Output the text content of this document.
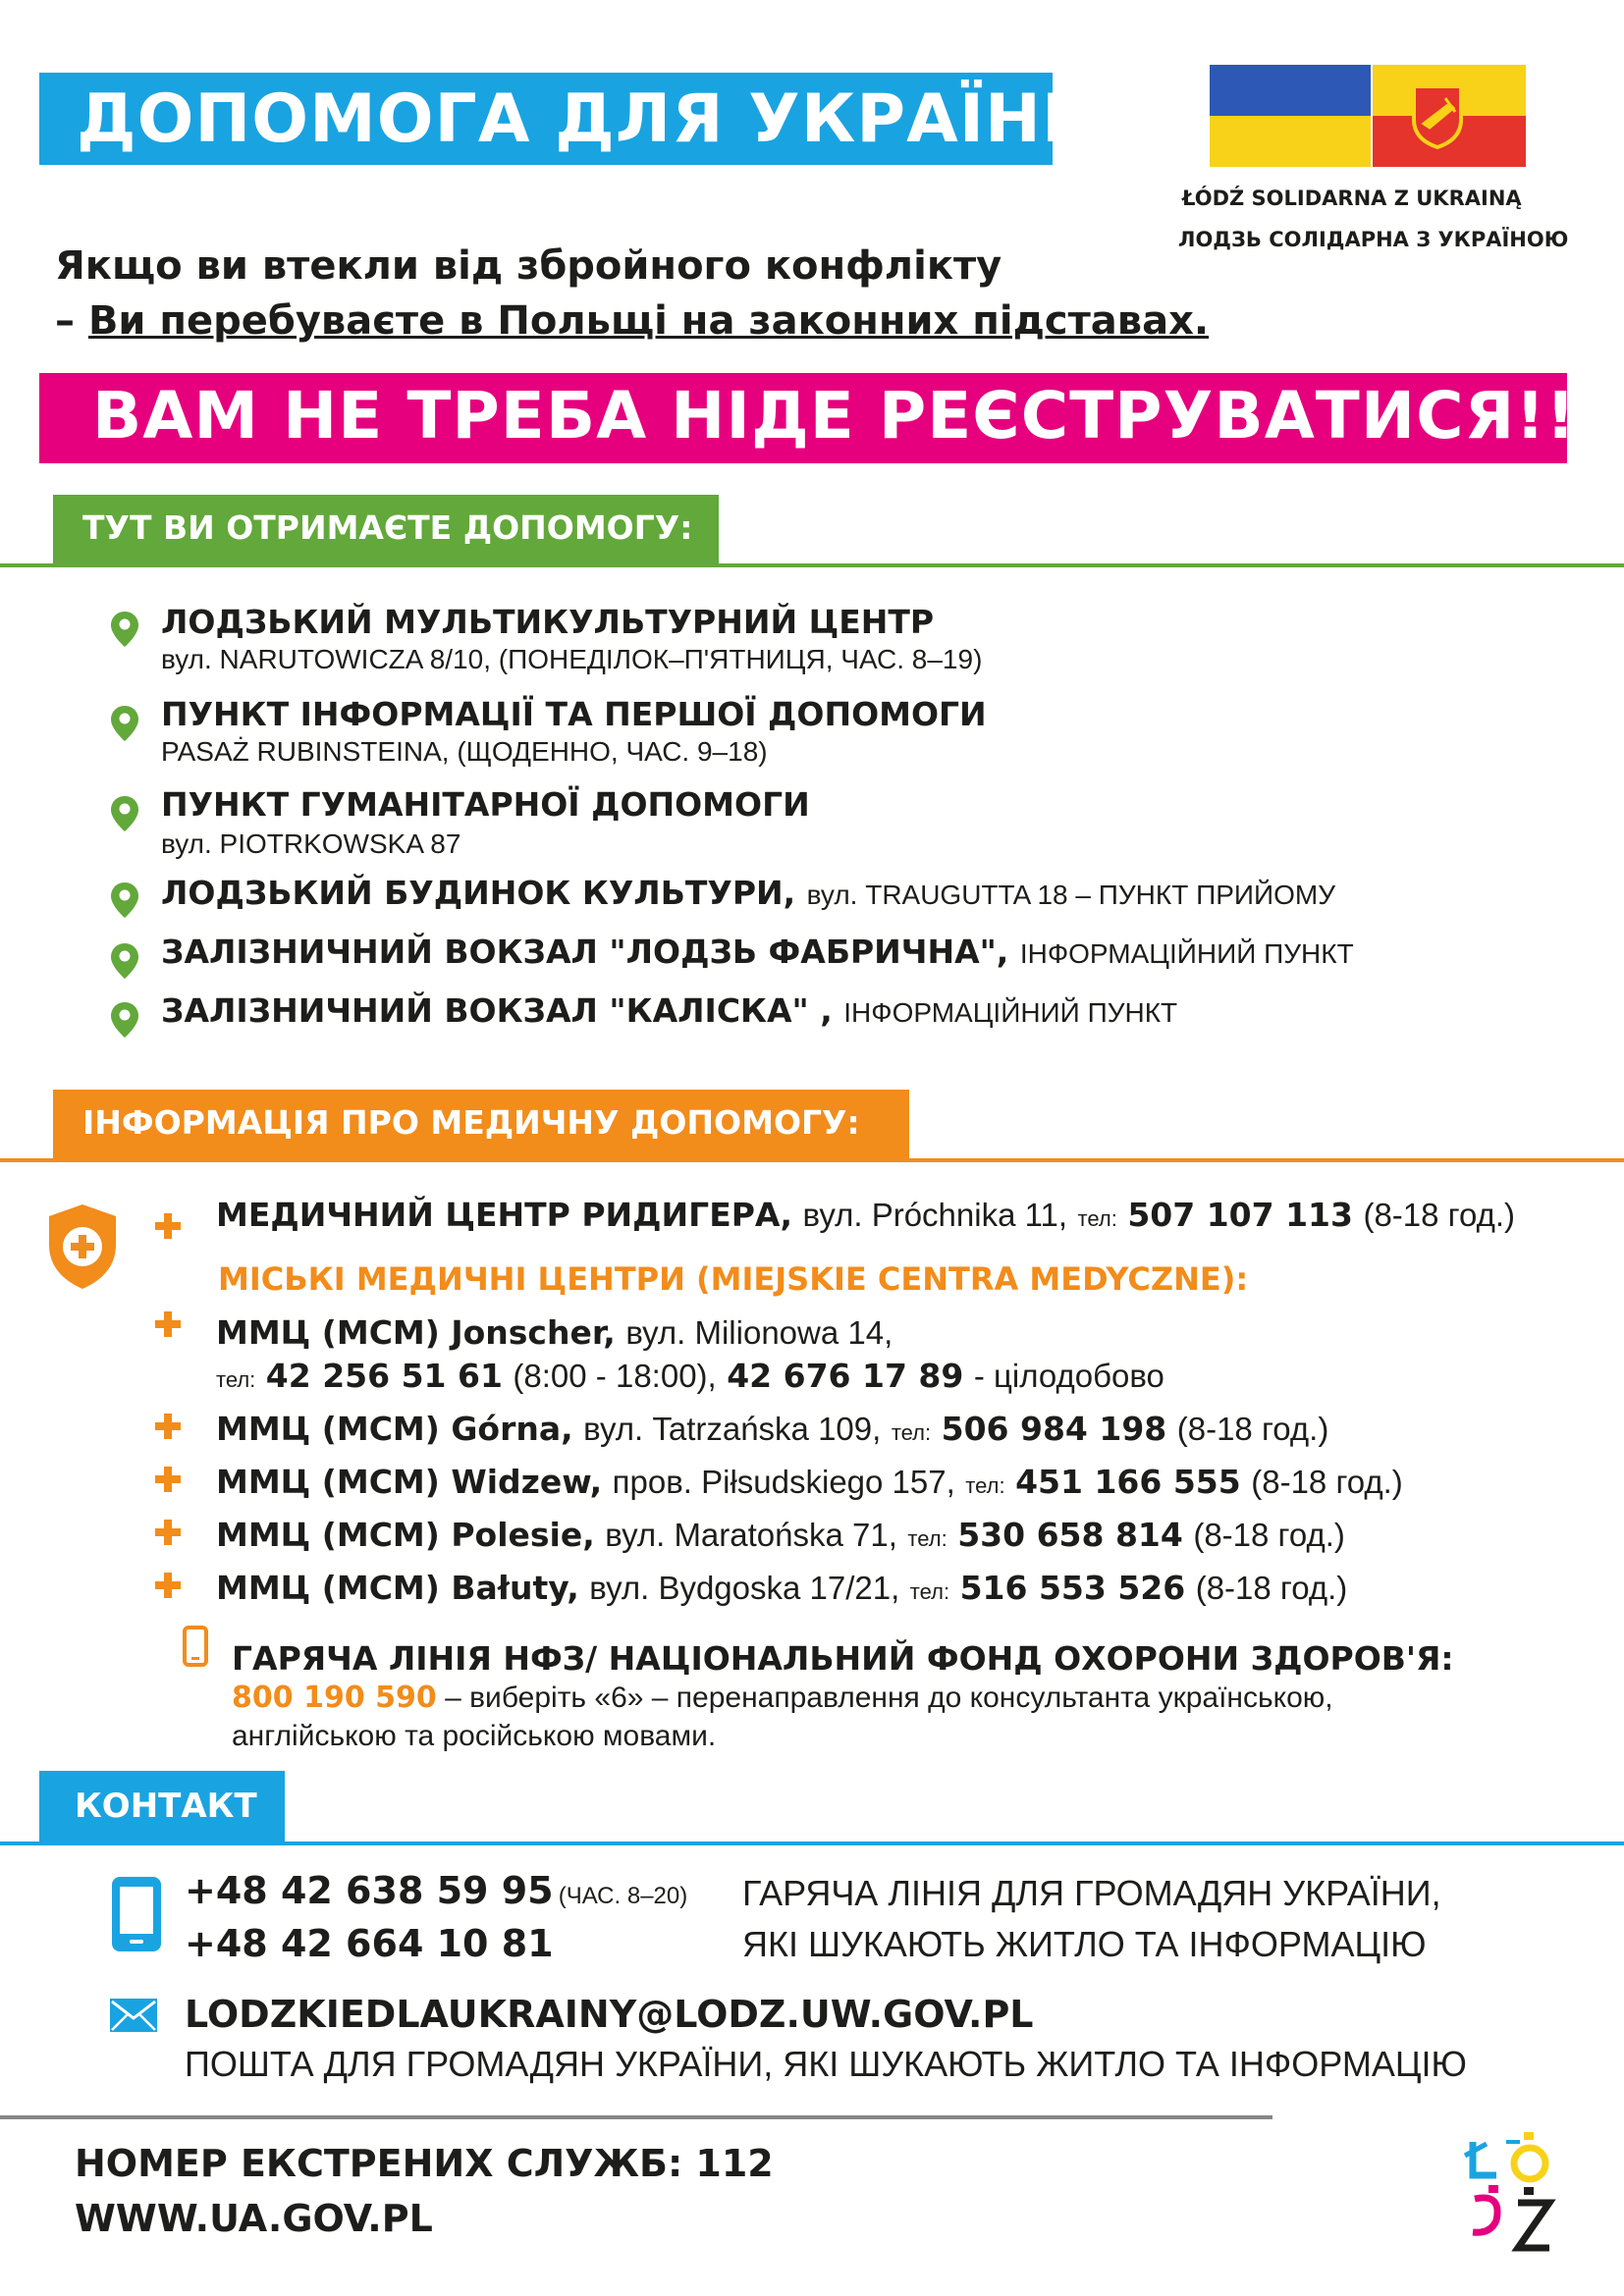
ДОПОМОГА ДЛЯ УКРАЇНИ
ŁÓDŹ SOLIDARNA Z UKRAINĄ
ЛОДЗЬ СОЛІДАРНА З УКРАЇНОЮ
Якщо ви втекли від збройного конфлікту
– Ви перебуваєте в Польщі на законних підставах.
ВАМ НЕ ТРЕБА НІДЕ РЕЄСТРУВАТИСЯ!!!
ТУТ ВИ ОТРИМАЄТЕ ДОПОМОГУ:
ЛОДЗЬКИЙ МУЛЬТИКУЛЬТУРНИЙ ЦЕНТР
вул. NARUTOWICZA 8/10, (ПОНЕДІЛОК–П'ЯТНИЦЯ, ЧАС. 8–19)
ПУНКТ ІНФОРМАЦІЇ ТА ПЕРШОЇ ДОПОМОГИ
PASAŻ RUBINSTEINA, (ЩОДЕННО, ЧАС. 9–18)
ПУНКТ ГУМАНІТАРНОЇ ДОПОМОГИ
вул. PIOTRKOWSKA 87
ЛОДЗЬКИЙ БУДИНОК КУЛЬТУРИ, вул. TRAUGUTTA 18 – ПУНКТ ПРИЙОМУ
ЗАЛІЗНИЧНИЙ ВОКЗАЛ "ЛОДЗЬ ФАБРИЧНА", ІНФОРМАЦІЙНИЙ ПУНКТ
ЗАЛІЗНИЧНИЙ ВОКЗАЛ "КАЛІСКА" , ІНФОРМАЦІЙНИЙ ПУНКТ
ІНФОРМАЦІЯ ПРО МЕДИЧНУ ДОПОМОГУ:
МЕДИЧНИЙ ЦЕНТР РИДИГЕРА, вул. Próchnika 11, тел: 507 107 113 (8-18 год.)
МІСЬКІ МЕДИЧНІ ЦЕНТРИ (MIEJSKIE CENTRA MEDYCZNE):
ММЦ (MCM) Jonscher, вул. Milionowa 14,
тел: 42 256 51 61 (8:00 - 18:00), 42 676 17 89 - цілодобово
ММЦ (MCM) Górna, вул. Tatrzańska 109, тел: 506 984 198 (8-18 год.)
ММЦ (MCM) Widzew, пров. Piłsudskiego 157, тел: 451 166 555 (8-18 год.)
ММЦ (MCM) Polesie, вул. Maratońska 71, тел: 530 658 814 (8-18 год.)
ММЦ (MCM) Bałuty, вул. Bydgoska 17/21, тел: 516 553 526 (8-18 год.)
ГАРЯЧА ЛІНІЯ НФЗ/ НАЦІОНАЛЬНИЙ ФОНД ОХОРОНИ ЗДОРОВ'Я:
800 190 590 – виберіть «6» – перенаправлення до консультанта українською,
англійською та російською мовами.
КОНТАКТ
+48 42 638 59 95 (ЧАС. 8–20)
+48 42 664 10 81
ГАРЯЧА ЛІНІЯ ДЛЯ ГРОМАДЯН УКРАЇНИ,
ЯКІ ШУКАЮТЬ ЖИТЛО ТА ІНФОРМАЦІЮ
LODZKIEDLAUKRAINY@LODZ.UW.GOV.PL
ПОШТА ДЛЯ ГРОМАДЯН УКРАЇНИ, ЯКІ ШУКАЮТЬ ЖИТЛО ТА ІНФОРМАЦІЮ
НОМЕР ЕКСТРЕНИХ СЛУЖБ: 112
WWW.UA.GOV.PL
